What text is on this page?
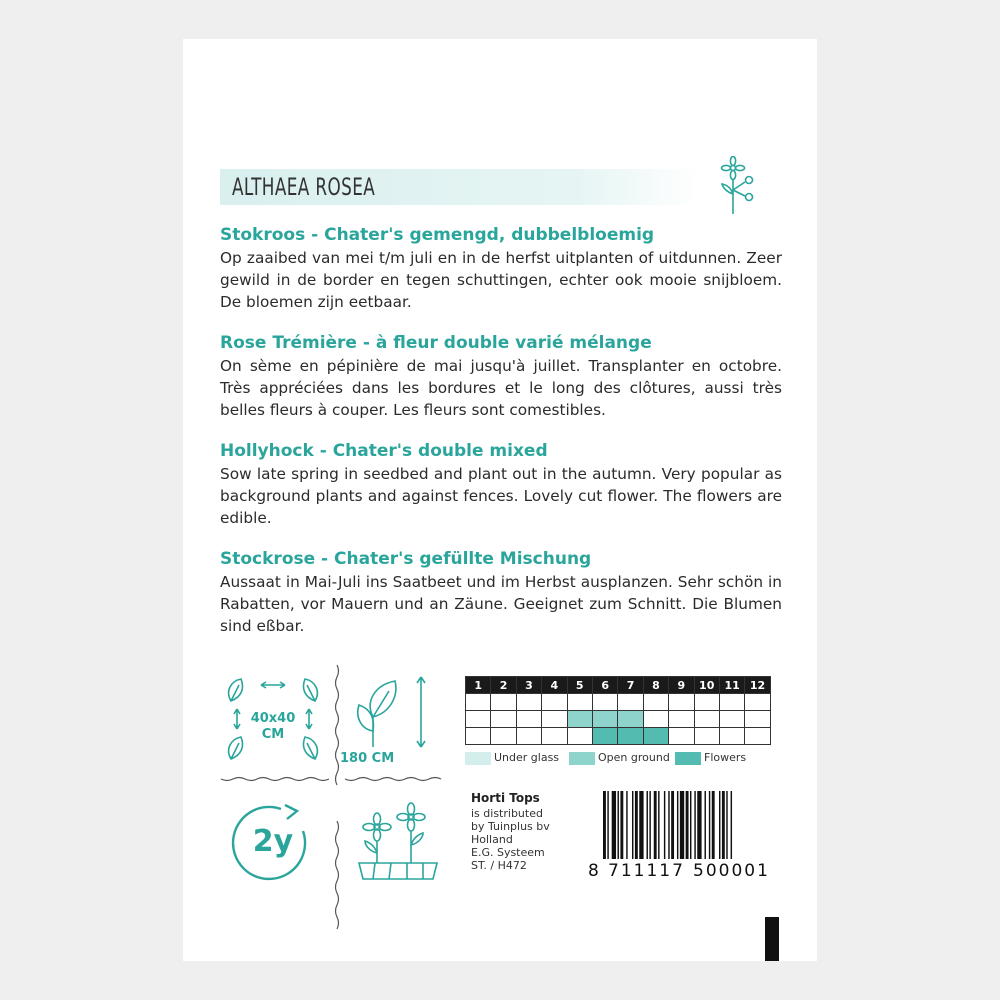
ALTHAEA ROSEA
Stokroos - Chater's gemengd, dubbelbloemig
Op zaaibed van mei t/m juli en in de herfst uitplanten of uitdunnen. Zeer gewild in de border en tegen schuttingen, echter ook mooie snijbloem. De bloemen zijn eetbaar.
Rose Trémière - à fleur double varié mélange
On sème en pépinière de mai jusqu'à juillet. Transplanter en octobre. Très appréciées dans les bordures et le long des clôtures, aussi très belles fleurs à couper. Les fleurs sont comestibles.
Hollyhock - Chater's double mixed
Sow late spring in seedbed and plant out in the autumn. Very popular as background plants and against fences. Lovely cut flower. The flowers are edible.
Stockrose - Chater's gefüllte Mischung
Aussaat in Mai-Juli ins Saatbeet und im Herbst ausplanzen. Sehr schön in Rabatten, vor Mauern und an Zäune. Geeignet zum Schnitt. Die Blumen sind eßbar.
40x40
CM
180 CM
2y
1	2	3	4	5	6	7	8	9	10	11	12

Under glass	Open ground	Flowers
Horti Tops
is distributed
by Tuinplus bv
Holland
E.G. Systeem
ST. / H472	8 711117 500001
